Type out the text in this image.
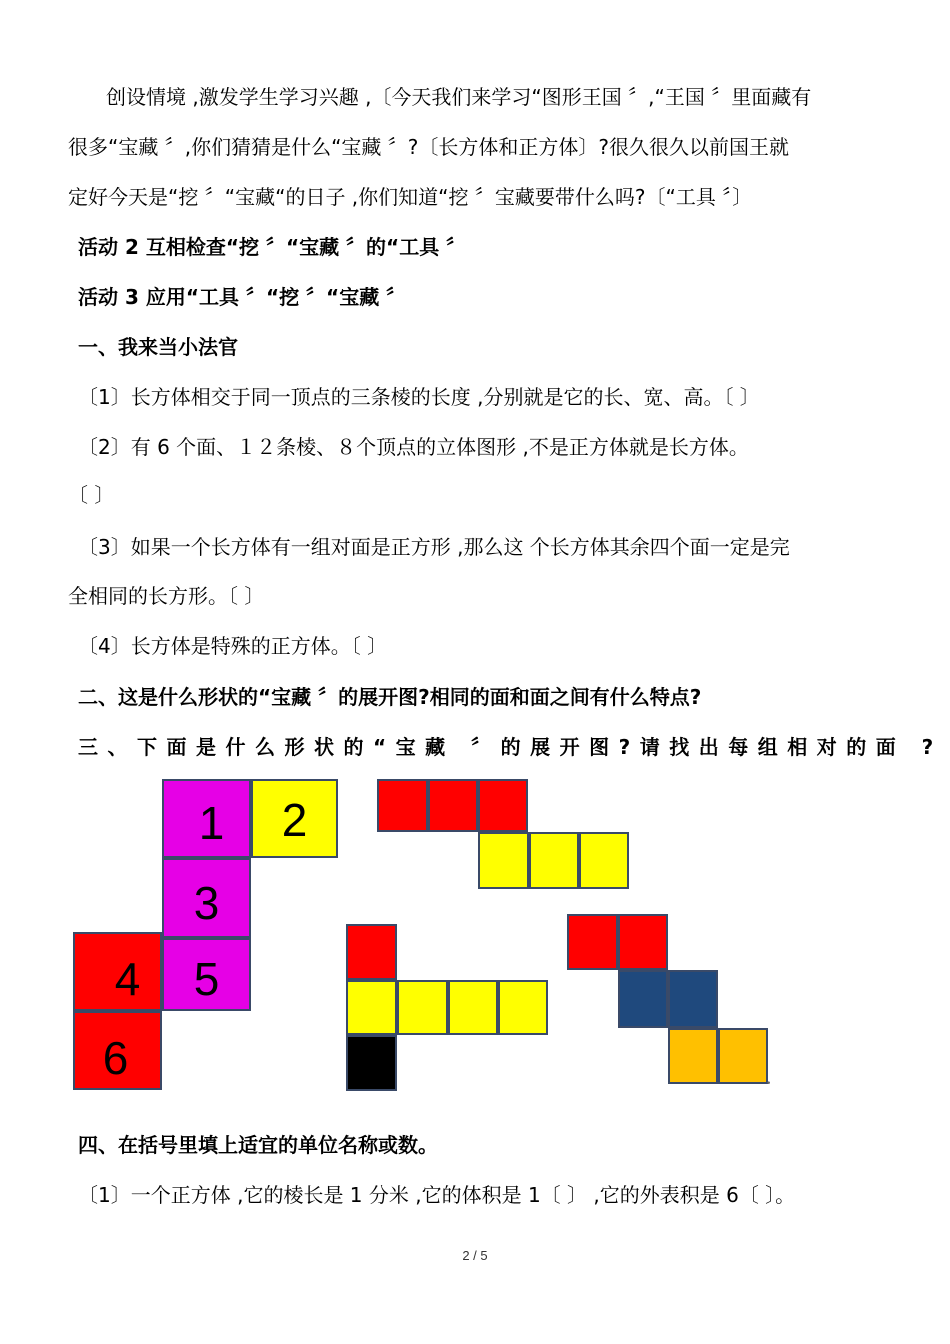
创设情境 ,激发学生学习兴趣 ,〔今天我们来学习“图形王国 〞,“王国 〞里面藏有
很多“宝藏 〞,你们猜猜是什么“宝藏 〞?〔长方体和正方体〕?很久很久以前国王就
定好今天是“挖 〞“宝藏“的日子 ,你们知道“挖 〞宝藏要带什么吗?〔“工具 〞〕
活动 2 互相检查“挖 〞“宝藏 〞的“工具 〞
活动 3 应用“工具 〞“挖 〞“宝藏 〞
一、我来当小法官
〔1〕长方体相交于同一顶点的三条棱的长度 ,分别就是它的长、宽、高。〔 〕
〔2〕有 6 个面、１２条棱、８个顶点的立体图形 ,不是正方体就是长方体。
〔 〕
〔3〕如果一个长方体有一组对面是正方形 ,那么这 个长方体其余四个面一定是完
全相同的长方形。〔 〕
〔4〕长方体是特殊的正方体。〔 〕
二、这是什么形状的“宝藏 〞的展开图?相同的面和面之间有什么特点?
三、下面是什么形状的“宝藏 〞的展开图?请找出每组相对的面 ?
1	2
3
4	5
6	•
四、在括号里填上适宜的单位名称或数。
〔1〕一个正方体 ,它的棱长是 1 分米 ,它的体积是 1〔 〕 ,它的外表积是 6〔 〕。
2 / 5
